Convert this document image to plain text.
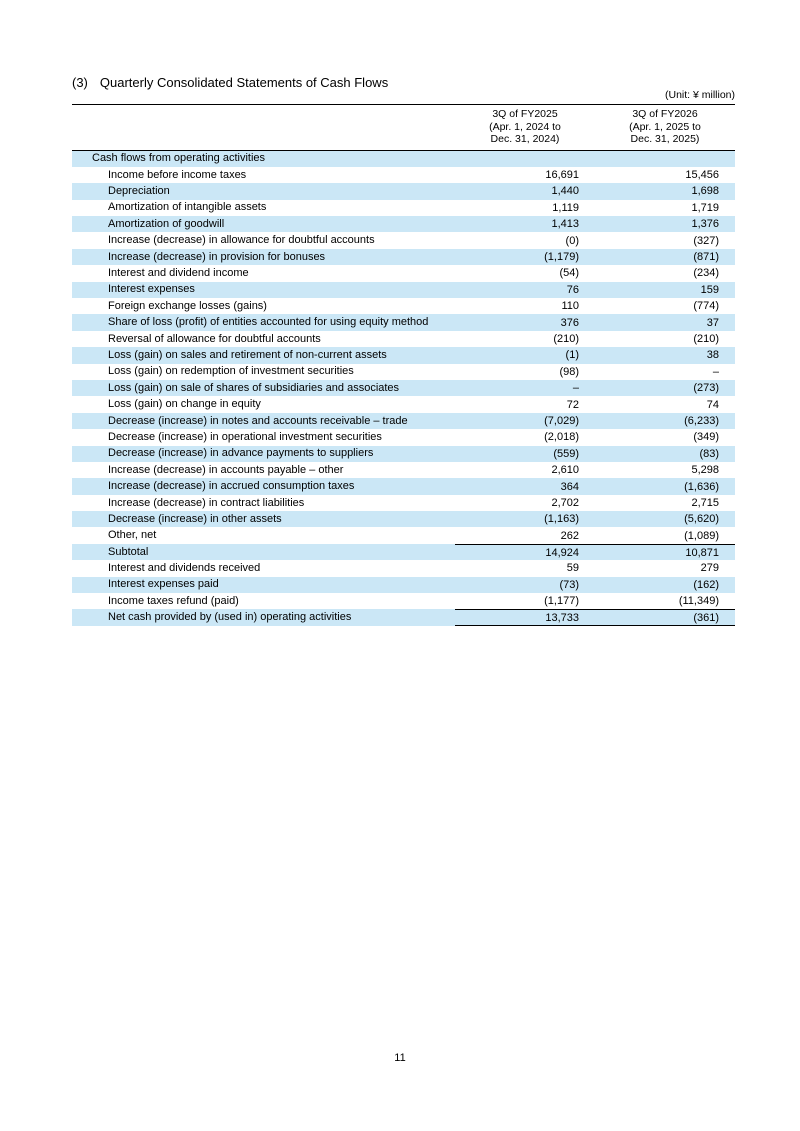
(3) Quarterly Consolidated Statements of Cash Flows
(Unit: ¥ million)
3Q of FY2025
(Apr. 1, 2024 to
Dec. 31, 2024)
3Q of FY2026
(Apr. 1, 2025 to
Dec. 31, 2025)
Cash flows from operating activities
Income before income taxes	16,691	15,456
Depreciation	1,440	1,698
Amortization of intangible assets	1,119	1,719
Amortization of goodwill	1,413	1,376
Increase (decrease) in allowance for doubtful accounts	(0)	(327)
Increase (decrease) in provision for bonuses	(1,179)	(871)
Interest and dividend income	(54)	(234)
Interest expenses	76	159
Foreign exchange losses (gains)	110	(774)
Share of loss (profit) of entities accounted for using equity method	376	37
Reversal of allowance for doubtful accounts	(210)	(210)
Loss (gain) on sales and retirement of non-current assets	(1)	38
Loss (gain) on redemption of investment securities	(98)	–
Loss (gain) on sale of shares of subsidiaries and associates	–	(273)
Loss (gain) on change in equity	72	74
Decrease (increase) in notes and accounts receivable – trade	(7,029)	(6,233)
Decrease (increase) in operational investment securities	(2,018)	(349)
Decrease (increase) in advance payments to suppliers	(559)	(83)
Increase (decrease) in accounts payable – other	2,610	5,298
Increase (decrease) in accrued consumption taxes	364	(1,636)
Increase (decrease) in contract liabilities	2,702	2,715
Decrease (increase) in other assets	(1,163)	(5,620)
Other, net	262	(1,089)
Subtotal	14,924	10,871
Interest and dividends received	59	279
Interest expenses paid	(73)	(162)
Income taxes refund (paid)	(1,177)	(11,349)
Net cash provided by (used in) operating activities	13,733	(361)
11
